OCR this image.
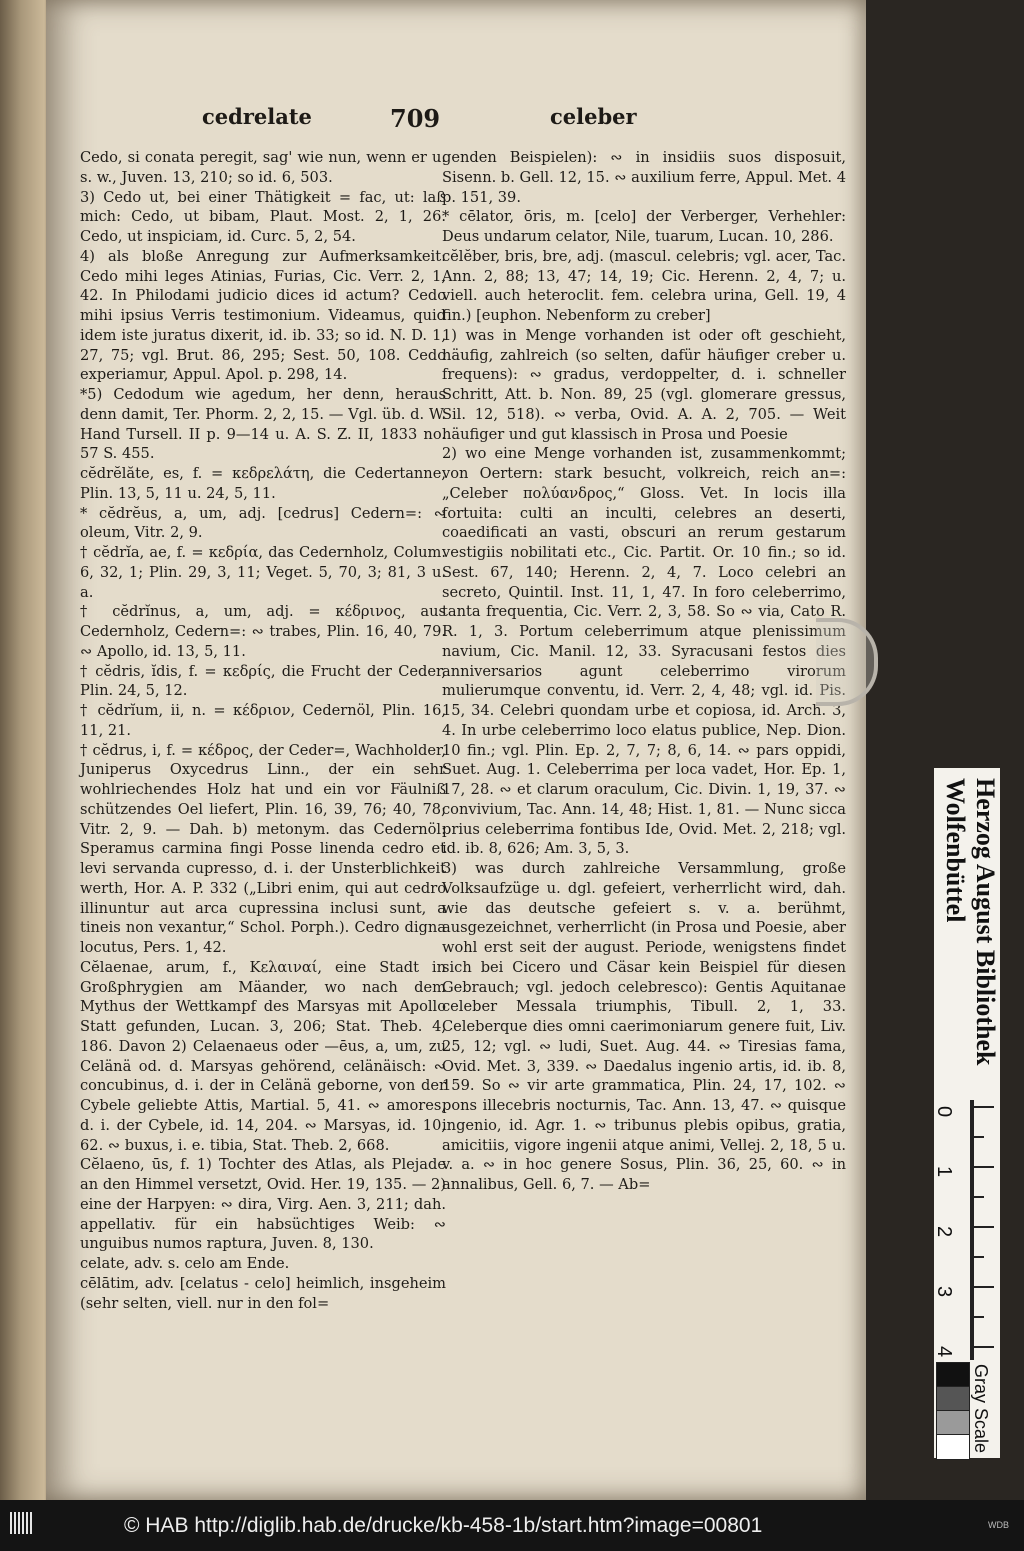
cedrelate	709	celeber

Cedo, si conata peregit, sag' wie nun, wenn er u. s. w., Juven. 13, 210; so id. 6, 503.

3) Cedo ut, bei einer Thätigkeit = fac, ut: laß mich: Cedo, ut bibam, Plaut. Most. 2, 1, 26. Cedo, ut inspiciam, id. Curc. 5, 2, 54.

4) als bloße Anregung zur Aufmerksamkeit: Cedo mihi leges Atinias, Furias, Cic. Verr. 2, 1, 42. In Philodami judicio dices id actum? Cedo mihi ipsius Verris testimonium. Videamus, quid idem iste juratus dixerit, id. ib. 33; so id. N. D. 1, 27, 75; vgl. Brut. 86, 295; Sest. 50, 108. Cedo experiamur, Appul. Apol. p. 298, 14.

*5) Cedodum wie agedum, her denn, heraus denn damit, Ter. Phorm. 2, 2, 15. — Vgl. üb. d. W. Hand Tursell. II p. 9—14 u. A. S. Z. II, 1833 no. 57 S. 455.

cĕdrĕlăte, es, f. = κεδρελάτη, die Cedertanne, Plin. 13, 5, 11 u. 24, 5, 11.

* cĕdrĕus, a, um, adj. [cedrus] Cedern=: ∾ oleum, Vitr. 2, 9.

† cĕdrĭa, ae, f. = κεδρία, das Cedernholz, Colum. 6, 32, 1; Plin. 29, 3, 11; Veget. 5, 70, 3; 81, 3 u. a.

† cĕdrĭnus, a, um, adj. = κέδρινος, aus Cedernholz, Cedern=: ∾ trabes, Plin. 16, 40, 79. ∾ Apollo, id. 13, 5, 11.

† cĕdris, ĭdis, f. = κεδρίς, die Frucht der Ceder, Plin. 24, 5, 12.

† cĕdrĭum, ii, n. = κέδριον, Cedernöl, Plin. 16, 11, 21.

† cĕdrus, i, f. = κέδρος, der Ceder=, Wachholder, Juniperus Oxycedrus Linn., der ein sehr wohlriechendes Holz hat und ein vor Fäulniß schützendes Oel liefert, Plin. 16, 39, 76; 40, 78; Vitr. 2, 9. — Dah. b) metonym. das Cedernöl: Speramus carmina fingi Posse linenda cedro et levi servanda cupresso, d. i. der Unsterblichkeit werth, Hor. A. P. 332 („Libri enim, qui aut cedro illinuntur aut arca cupressina inclusi sunt, a tineis non vexantur,“ Schol. Porph.). Cedro digna locutus, Pers. 1, 42.

Cĕlaenae, arum, f., Κελαιναί, eine Stadt in Großphrygien am Mäander, wo nach dem Mythus der Wettkampf des Marsyas mit Apollo Statt gefunden, Lucan. 3, 206; Stat. Theb. 4, 186. Davon 2) Celaenaeus oder —ēus, a, um, zu Celänä od. d. Marsyas gehörend, celänäisch: ∾ concubinus, d. i. der in Celänä geborne, von der Cybele geliebte Attis, Martial. 5, 41. ∾ amores, d. i. der Cybele, id. 14, 204. ∾ Marsyas, id. 10, 62. ∾ buxus, i. e. tibia, Stat. Theb. 2, 668.

Cĕlaeno, ūs, f. 1) Tochter des Atlas, als Plejade an den Himmel versetzt, Ovid. Her. 19, 135. — 2) eine der Harpyen: ∾ dira, Virg. Aen. 3, 211; dah. appellativ. für ein habsüchtiges Weib: ∾ unguibus numos raptura, Juven. 8, 130.

celate, adv. s. celo am Ende.

cēlātim, adv. [celatus - celo] heimlich, insgeheim (sehr selten, viell. nur in den fol=

genden Beispielen): ∾ in insidiis suos disposuit, Sisenn. b. Gell. 12, 15. ∾ auxilium ferre, Appul. Met. 4 p. 151, 39.

* cēlator, ōris, m. [celo] der Verberger, Verhehler: Deus undarum celator, Nile, tuarum, Lucan. 10, 286.

cĕlĕber, bris, bre, adj. (mascul. celebris; vgl. acer, Tac. Ann. 2, 88; 13, 47; 14, 19; Cic. Herenn. 2, 4, 7; u. viell. auch heteroclit. fem. celebra urina, Gell. 19, 4 fin.) [euphon. Nebenform zu creber]

1) was in Menge vorhanden ist oder oft geschieht, häufig, zahlreich (so selten, dafür häufiger creber u. frequens): ∾ gradus, verdoppelter, d. i. schneller Schritt, Att. b. Non. 89, 25 (vgl. glomerare gressus, Sil. 12, 518). ∾ verba, Ovid. A. A. 2, 705. — Weit häufiger und gut klassisch in Prosa und Poesie

2) wo eine Menge vorhanden ist, zusammenkommt; von Oertern: stark besucht, volkreich, reich an=: „Celeber πολύανδρος,“ Gloss. Vet. In locis illa fortuita: culti an inculti, celebres an deserti, coaedificati an vasti, obscuri an rerum gestarum vestigiis nobilitati etc., Cic. Partit. Or. 10 fin.; so id. Sest. 67, 140; Herenn. 2, 4, 7. Loco celebri an secreto, Quintil. Inst. 11, 1, 47. In foro celeberrimo, tanta frequentia, Cic. Verr. 2, 3, 58. So ∾ via, Cato R. R. 1, 3. Portum celeberrimum atque plenissimum navium, Cic. Manil. 12, 33. Syracusani festos dies anniversarios agunt celeberrimo virorum mulierumque conventu, id. Verr. 2, 4, 48; vgl. id. Pis. 15, 34. Celebri quondam urbe et copiosa, id. Arch. 3, 4. In urbe celeberrimo loco elatus publice, Nep. Dion. 10 fin.; vgl. Plin. Ep. 2, 7, 7; 8, 6, 14. ∾ pars oppidi, Suet. Aug. 1. Celeberrima per loca vadet, Hor. Ep. 1, 17, 28. ∾ et clarum oraculum, Cic. Divin. 1, 19, 37. ∾ convivium, Tac. Ann. 14, 48; Hist. 1, 81. — Nunc sicca prius celeberrima fontibus Ide, Ovid. Met. 2, 218; vgl. id. ib. 8, 626; Am. 3, 5, 3.

3) was durch zahlreiche Versammlung, große Volksaufzüge u. dgl. gefeiert, verherrlicht wird, dah. wie das deutsche gefeiert s. v. a. berühmt, ausgezeichnet, verherrlicht (in Prosa und Poesie, aber wohl erst seit der august. Periode, wenigstens findet sich bei Cicero und Cäsar kein Beispiel für diesen Gebrauch; vgl. jedoch celebresco): Gentis Aquitanae celeber Messala triumphis, Tibull. 2, 1, 33. Celeberque dies omni caerimoniarum genere fuit, Liv. 25, 12; vgl. ∾ ludi, Suet. Aug. 44. ∾ Tiresias fama, Ovid. Met. 3, 339. ∾ Daedalus ingenio artis, id. ib. 8, 159. So ∾ vir arte grammatica, Plin. 24, 17, 102. ∾ pons illecebris nocturnis, Tac. Ann. 13, 47. ∾ quisque ingenio, id. Agr. 1. ∾ tribunus plebis opibus, gratia, amicitiis, vigore ingenii atque animi, Vellej. 2, 18, 5 u. v. a. ∾ in hoc genere Sosus, Plin. 36, 25, 60. ∾ in annalibus, Gell. 6, 7. — Ab=

Herzog August Bibliothek
Wolfenbüttel
0
1
2
3
4
Gray Scale
© HAB http://diglib.hab.de/drucke/kb-458-1b/start.htm?image=00801	WDB
